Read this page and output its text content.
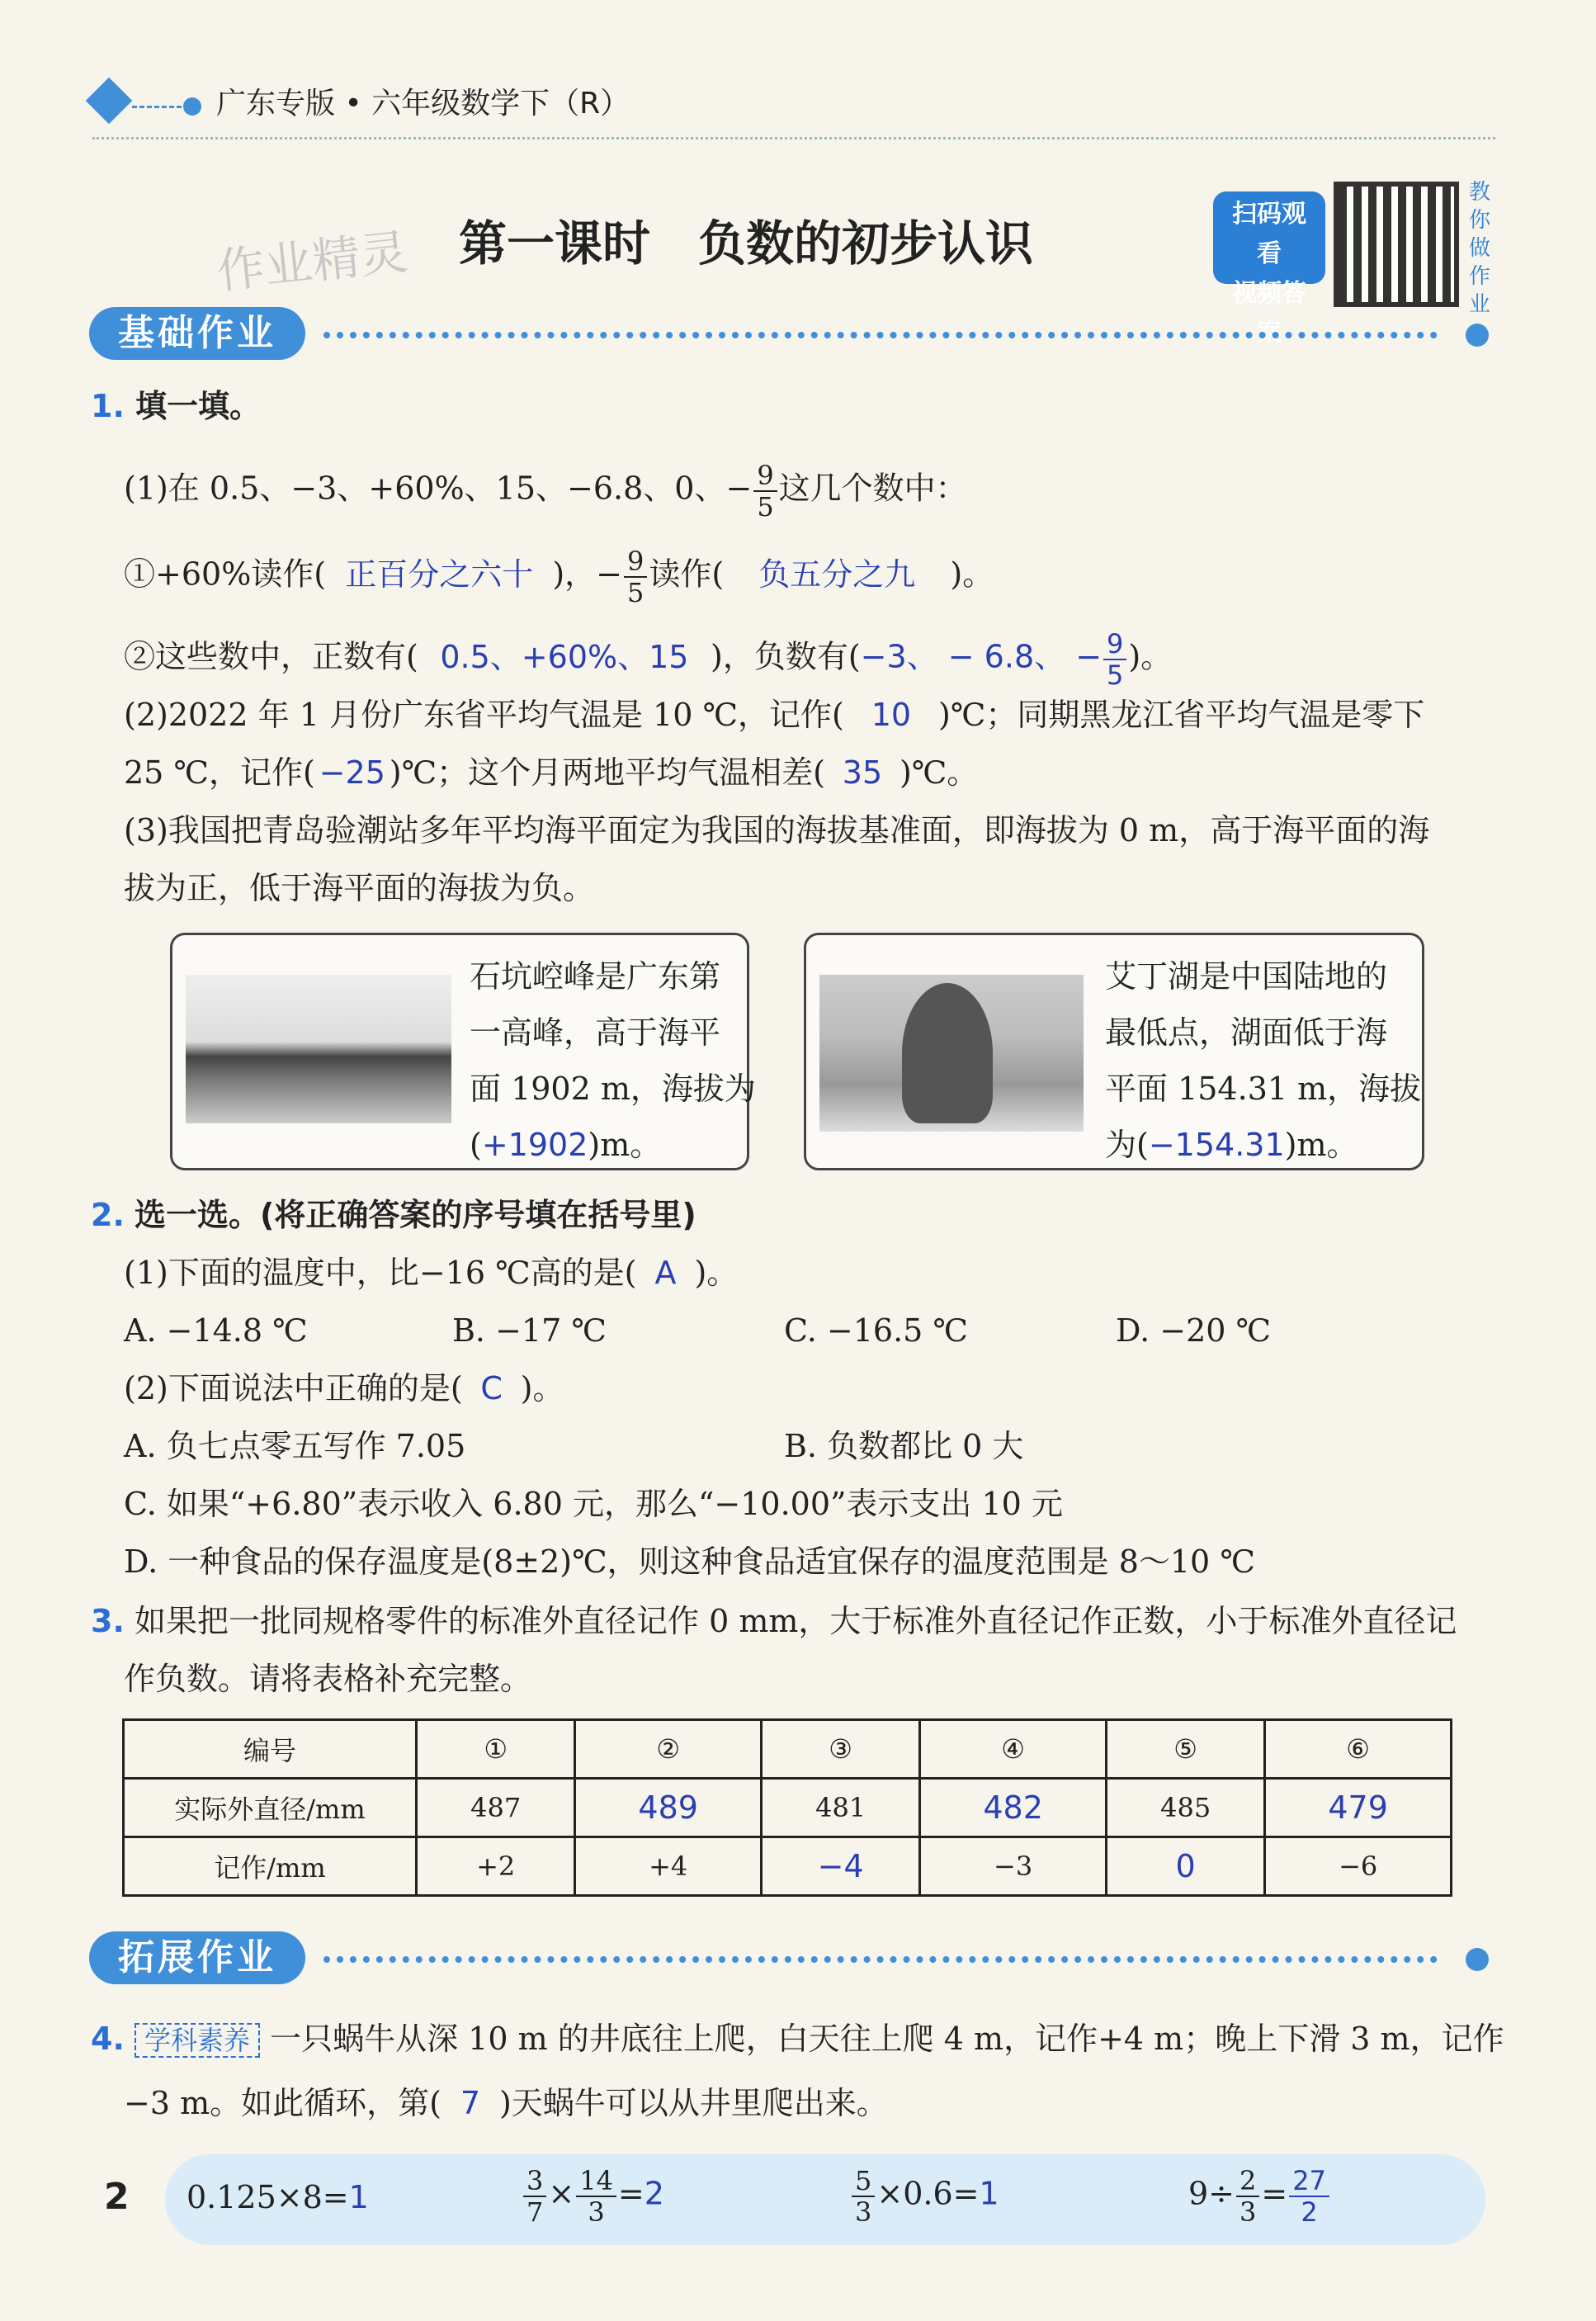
广东专版 • 六年级数学下（R）
作业精灵 第一课时　负数的初步认识
扫码观看
视频答案
教
你
做
作
业
基础作业
1. 填一填。
(1)在 0.5、−3、+60%、15、−6.8、0、− $\frac{9}{5}$ 这几个数中：
①+60%读作( 正百分之六十 )，− $\frac{9}{5}$ 读作( 负五分之九 )。
②这些数中，正数有( 0.5、+60%、15 )，负数有(−3、 − 6.8、 − $\frac{9}{5}$ )。
(2)2022 年 1 月份广东省平均气温是 10 ℃，记作( 10 )℃；同期黑龙江省平均气温是零下
25 ℃，记作( −25 )℃；这个月两地平均气温相差( 35 )℃。
(3)我国把青岛验潮站多年平均海平面定为我国的海拔基准面，即海拔为 0 m，高于海平面的海
拔为正，低于海平面的海拔为负。
石坑崆峰是广东第
一高峰，高于海平
面 1902 m，海拔为
(+1902)m。
艾丁湖是中国陆地的
最低点，湖面低于海
平面 154.31 m，海拔
为(−154.31)m。
2. 选一选。(将正确答案的序号填在括号里)
(1)下面的温度中，比−16 ℃高的是( A )。
A. −14.8 ℃	B. −17 ℃	C. −16.5 ℃	D. −20 ℃
(2)下面说法中正确的是( C )。
A. 负七点零五写作 7.05	B. 负数都比 0 大
C. 如果“+6.80”表示收入 6.80 元，那么“−10.00”表示支出 10 元
D. 一种食品的保存温度是(8±2)℃，则这种食品适宜保存的温度范围是 8～10 ℃
3. 如果把一批同规格零件的标准外直径记作 0 mm，大于标准外直径记作正数，小于标准外直径记
作负数。请将表格补充完整。
编号	①	②	③	④	⑤	⑥
实际外直径/mm	487	489	481	482	485	479
记作/mm	+2	+4	−4	−3	0	−6
拓展作业
4. 学科素养 一只蜗牛从深 10 m 的井底往上爬，白天往上爬 4 m，记作+4 m；晚上下滑 3 m，记作
−3 m。如此循环，第( 7 )天蜗牛可以从井里爬出来。
2 0.125×8=1	$\frac{3}{7} \times \frac{14}{3} =2$	$\frac{5}{3} \times 0.6=1$	$9\div \frac{2}{3} = \frac{27}{2}$
